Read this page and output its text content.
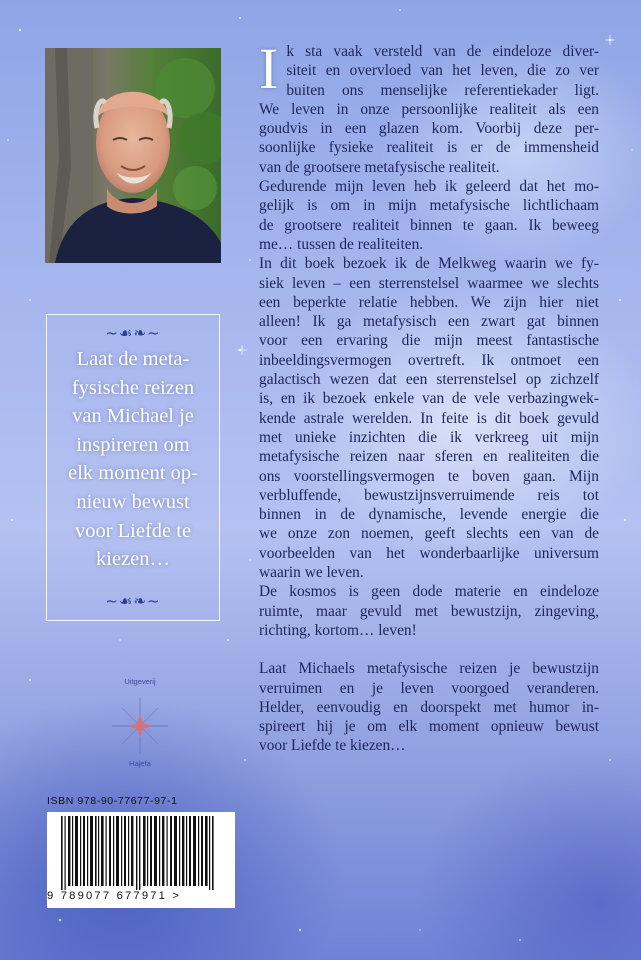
~☙❧~

Laat de meta-
fysische reizen
van Michael je
inspireren om
elk moment op-
nieuw bewust
voor Liefde te
kiezen…

~☙❧~
Uitgeverij
Hajefa
ISBN 978-90-77677-97-1
9 789077 677971 >

I k sta vaak versteld van de eindeloze diver-
siteit en overvloed van het leven, die zo ver
buiten ons menselijke referentiekader ligt.
We leven in onze persoonlijke realiteit als een
goudvis in een glazen kom. Voorbij deze per-
soonlijke fysieke realiteit is er de immensheid
van de grootsere metafysische realiteit.

Gedurende mijn leven heb ik geleerd dat het mo-
gelijk is om in mijn metafysische lichtlichaam
de grootsere realiteit binnen te gaan. Ik beweeg
me… tussen de realiteiten.

In dit boek bezoek ik de Melkweg waarin we fy-
siek leven – een sterrenstelsel waarmee we slechts
een beperkte relatie hebben. We zijn hier niet
alleen! Ik ga metafysisch een zwart gat binnen
voor een ervaring die mijn meest fantastische
inbeeldingsvermogen overtreft. Ik ontmoet een
galactisch wezen dat een sterrenstelsel op zichzelf
is, en ik bezoek enkele van de vele verbazingwek-
kende astrale werelden. In feite is dit boek gevuld
met unieke inzichten die ik verkreeg uit mijn
metafysische reizen naar sferen en realiteiten die
ons voorstellingsvermogen te boven gaan. Mijn
verbluffende, bewustzijnsverruimende reis tot
binnen in de dynamische, levende energie die
we onze zon noemen, geeft slechts een van de
voorbeelden van het wonderbaarlijke universum
waarin we leven.

De kosmos is geen dode materie en eindeloze
ruimte, maar gevuld met bewustzijn, zingeving,
richting, kortom… leven!

Laat Michaels metafysische reizen je bewustzijn
verruimen en je leven voorgoed veranderen.
Helder, eenvoudig en doorspekt met humor in-
spireert hij je om elk moment opnieuw bewust
voor Liefde te kiezen…
